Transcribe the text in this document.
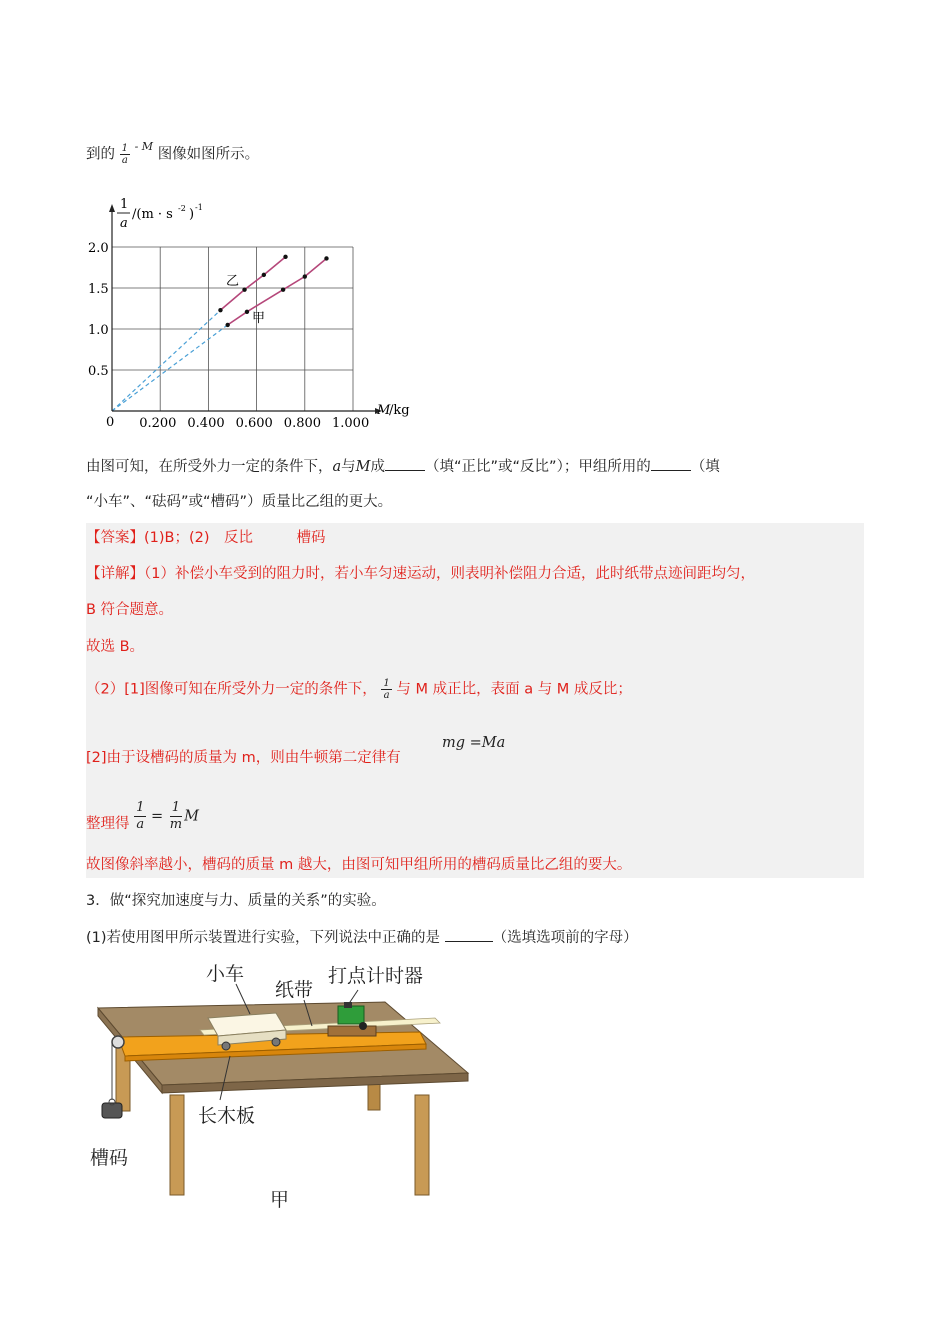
到的 $\frac{1}{a} ^{- M}$ 图像如图所示。
0.200 0.400 0.600 0.800 1.000
0.5
1.0
1.5
2.0
1
a
/(m · s -2 ) -1
M
/kg
0
乙
甲
由图可知，在所受外力一定的条件下，a与M成	（填“正比”或“反比”）；甲组所用的	（填
“小车”、“砝码”或“槽码”）质量比乙组的更大。
【答案】(1)B；(2)　反比　　　槽码
【详解】（1）补偿小车受到的阻力时，若小车匀速运动，则表明补偿阻力合适，此时纸带点迹间距均匀，
B 符合题意。
故选 B。
（2）[1]图像可知在所受外力一定的条件下， $\frac{1}{a}$ 与 M 成正比，表面 a 与 M 成反比；
[2]由于设槽码的质量为 m，则由牛顿第二定律有
mg =Ma
整理得 $\frac{1}{a} = \frac{1}{m}$ M
故图像斜率越小，槽码的质量 m 越大，由图可知甲组所用的槽码质量比乙组的要大。
3．做“探究加速度与力、质量的关系”的实验。
(1)若使用图甲所示装置进行实验，下列说法中正确的是	（选填选项前的字母）
小车
纸带
打点计时器
长木板
槽码
甲
